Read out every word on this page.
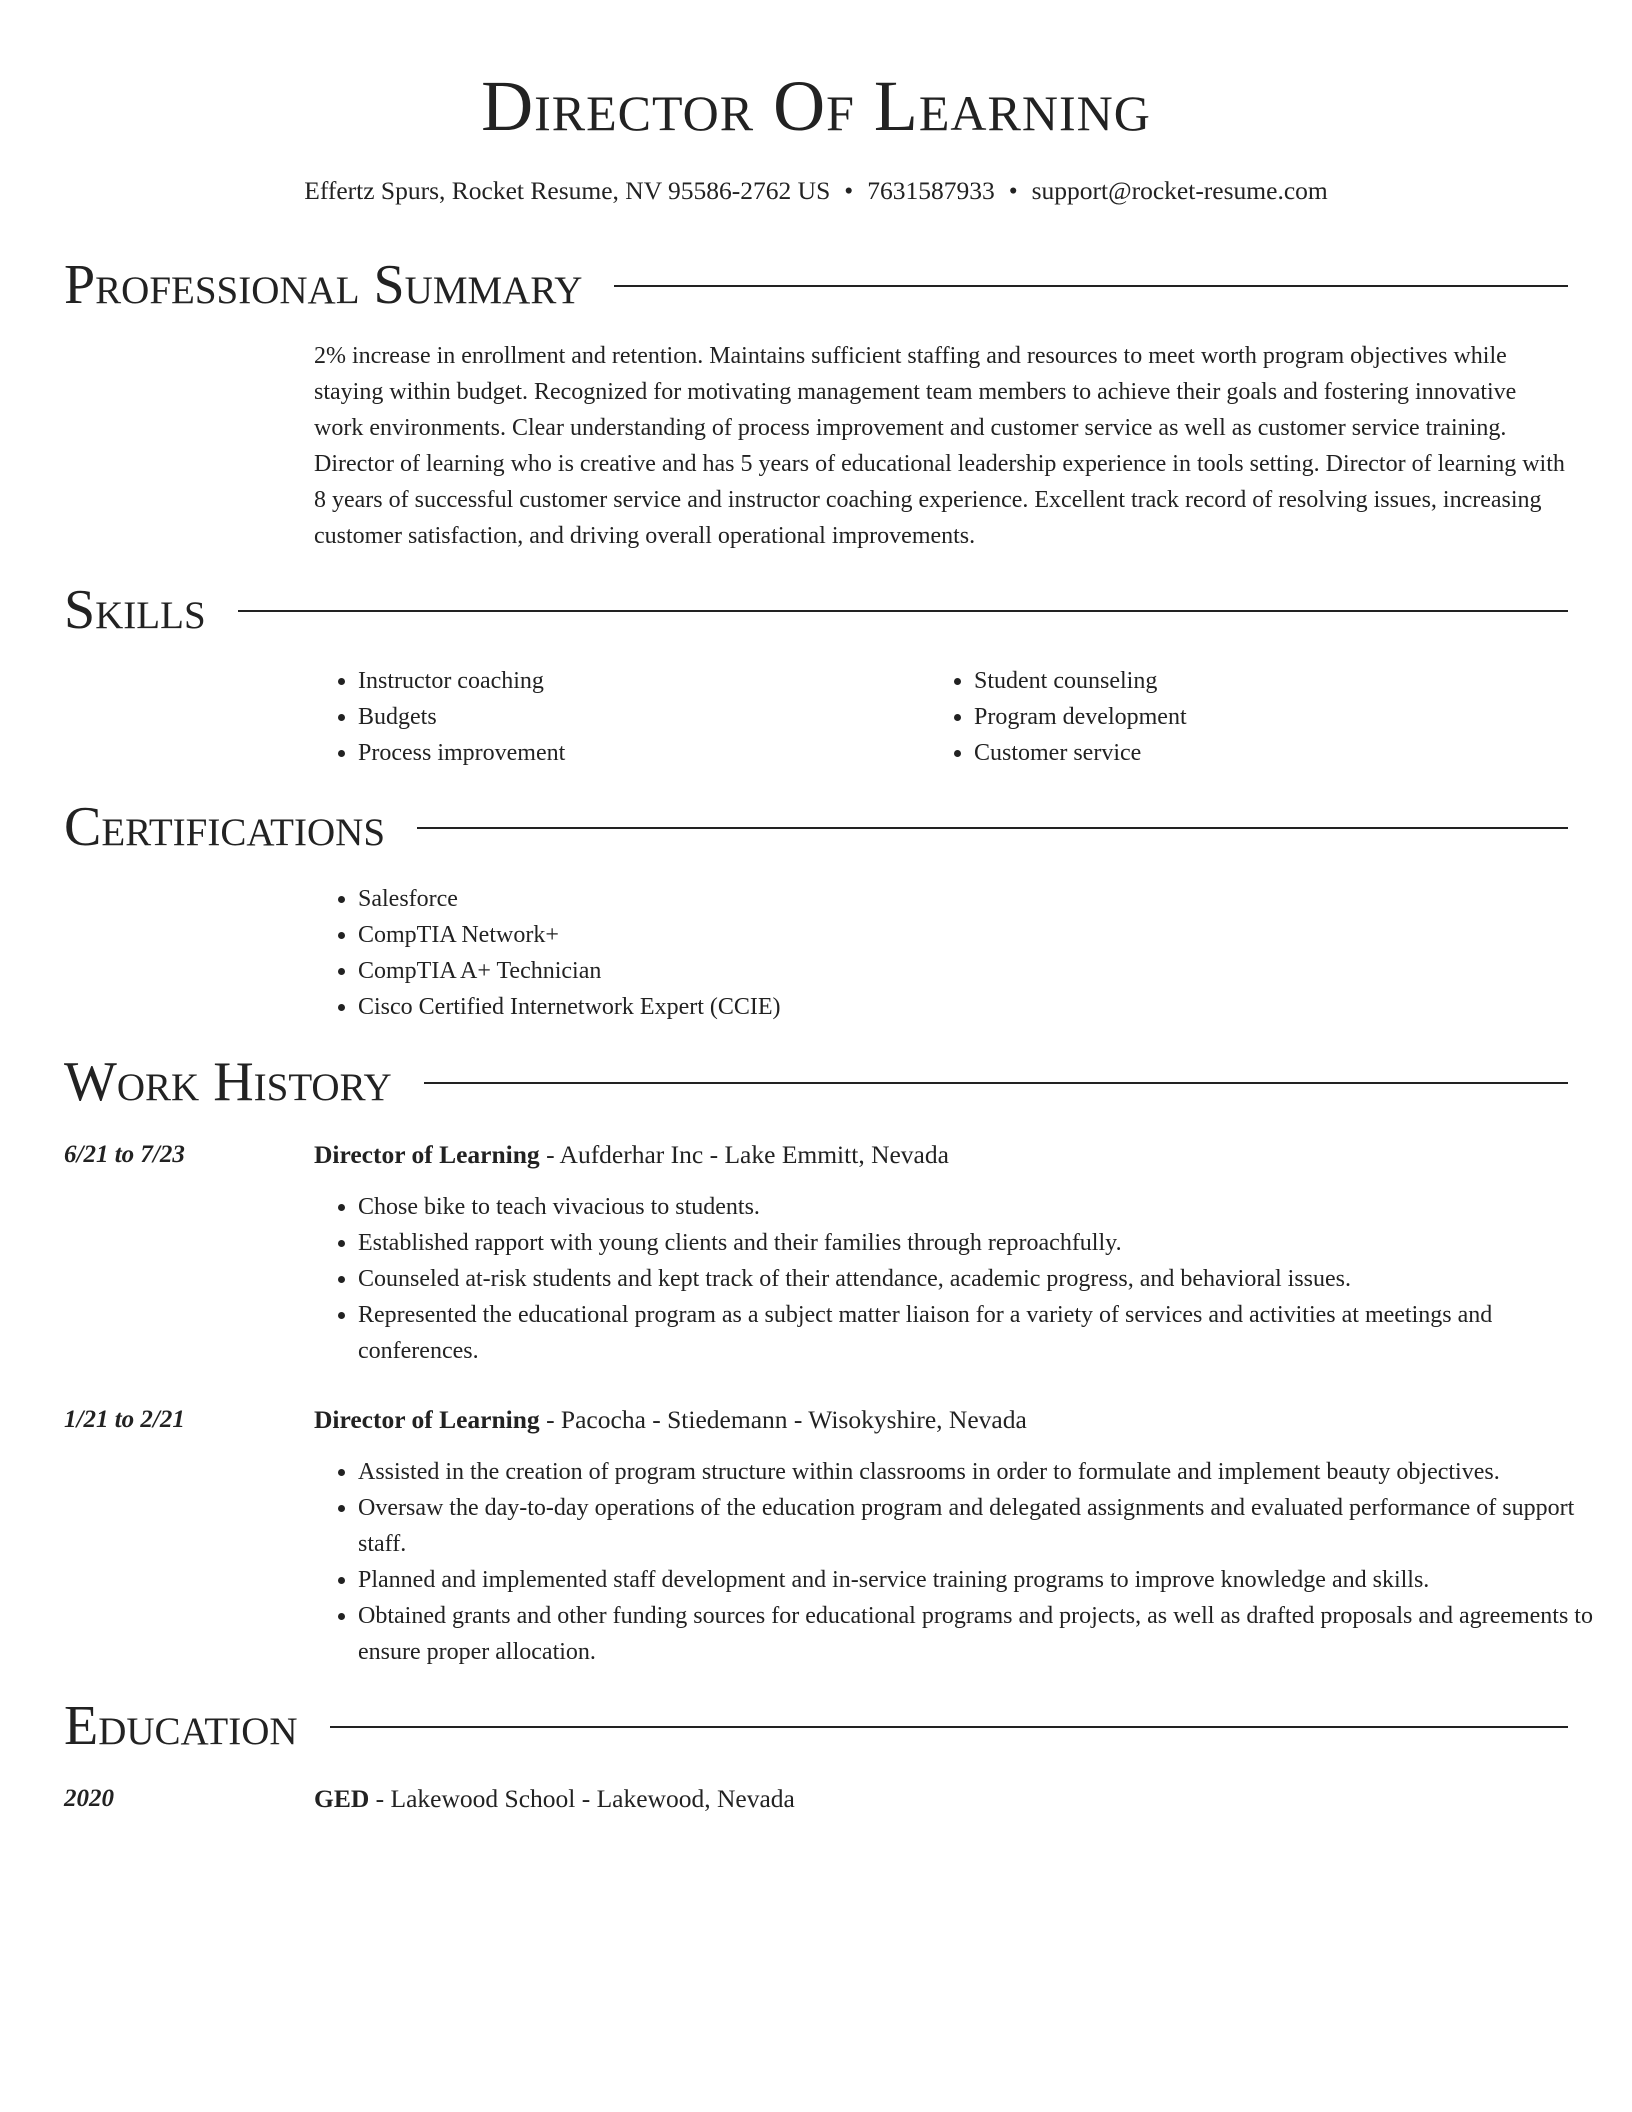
Director Of Learning
Effertz Spurs, Rocket Resume, NV 95586-2762 US • 7631587933 • support@rocket-resume.com
Professional Summary

2% increase in enrollment and retention. Maintains sufficient staffing and resources to meet worth program objectives while staying within budget. Recognized for motivating management team members to achieve their goals and fostering innovative work environments. Clear understanding of process improvement and customer service as well as customer service training. Director of learning who is creative and has 5 years of educational leadership experience in tools setting. Director of learning with 8 years of successful customer service and instructor coaching experience. Excellent track record of resolving issues, increasing customer satisfaction, and driving overall operational improvements.

Skills
• Instructor coaching
• Budgets
• Process improvement
• Student counseling
• Program development
• Customer service
Certifications
• Salesforce
• CompTIA Network+
• CompTIA A+ Technician
• Cisco Certified Internetwork Expert (CCIE)
Work History
6/21 to 7/23	Director of Learning - Aufderhar Inc - Lake Emmitt, Nevada
• Chose bike to teach vivacious to students.
• Established rapport with young clients and their families through reproachfully.
• Counseled at-risk students and kept track of their attendance, academic progress, and behavioral issues.
• Represented the educational program as a subject matter liaison for a variety of services and activities at meetings and conferences.
1/21 to 2/21	Director of Learning - Pacocha - Stiedemann - Wisokyshire, Nevada
• Assisted in the creation of program structure within classrooms in order to formulate and implement beauty objectives.
• Oversaw the day-to-day operations of the education program and delegated assignments and evaluated performance of support staff.
• Planned and implemented staff development and in-service training programs to improve knowledge and skills.
• Obtained grants and other funding sources for educational programs and projects, as well as drafted proposals and agreements to ensure proper allocation.
Education
2020	GED - Lakewood School - Lakewood, Nevada
